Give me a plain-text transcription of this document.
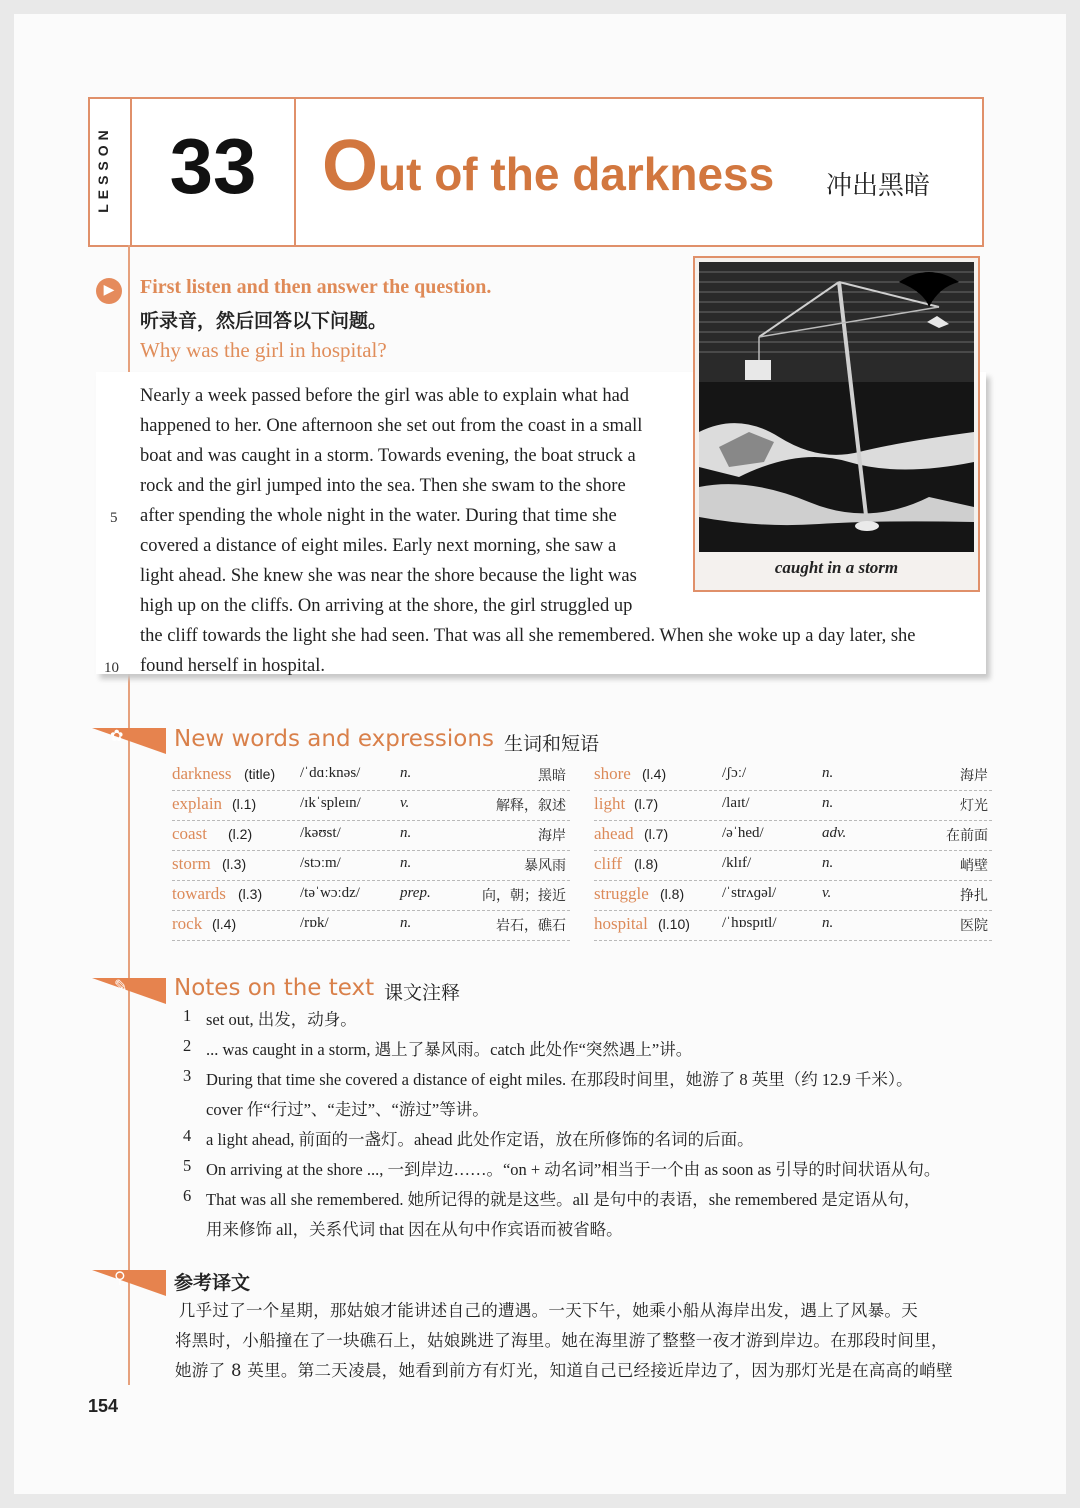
LESSON 33 Out of the darkness 冲出黑暗
▶	First listen and then answer the question.
听录音，然后回答以下问题。
Why was the girl in hospital?
Nearly a week passed before the girl was able to explain what had
happened to her. One afternoon she set out from the coast in a small
boat and was caught in a storm. Towards evening, the boat struck a
rock and the girl jumped into the sea. Then she swam to the shore
5 after spending the whole night in the water. During that time she
covered a distance of eight miles. Early next morning, she saw a
light ahead. She knew she was near the shore because the light was
high up on the cliffs. On arriving at the shore, the girl struggled up
the cliff towards the light she had seen. That was all she remembered. When she woke up a day later, she
10 found herself in hospital.
caught in a storm
✿ New words and expressions 生词和短语
darkness (title) /ˈdɑːknəs/	n.	黑暗
explain (l.1)	/ɪkˈspleɪn/	v.	解释，叙述
coast (l.2)	/kəʊst/	n.	海岸
storm (l.3)	/stɔːm/	n.	暴风雨
towards (l.3)	/təˈwɔːdz/	prep.	向，朝；接近
rock (l.4)	/rɒk/	n.	岩石，礁石
shore (l.4)	/ʃɔː/	n.	海岸
light (l.7)	/laɪt/	n.	灯光
ahead (l.7)	/əˈhed/	adv.	在前面
cliff (l.8)	/klɪf/	n.	峭壁
struggle (l.8)	/ˈstrʌɡəl/	v.	挣扎
hospital (l.10) /ˈhɒspɪtl/	n.	医院
✎ Notes on the text 课文注释
1 set out, 出发，动身。
2 ... was caught in a storm, 遇上了暴风雨。catch 此处作“突然遇上”讲。
3 During that time she covered a distance of eight miles. 在那段时间里，她游了 8 英里（约 12.9 千米）。
cover 作“行过”、“走过”、“游过”等讲。
4 a light ahead, 前面的一盏灯。ahead 此处作定语，放在所修饰的名词的后面。
5 On arriving at the shore ..., 一到岸边……。“on + 动名词”相当于一个由 as soon as 引导的时间状语从句。
6 That was all she remembered. 她所记得的就是这些。all 是句中的表语，she remembered 是定语从句，
用来修饰 all，关系代词 that 因在从句中作宾语而被省略。
⚲	参考译文
　几乎过了一个星期，那姑娘才能讲述自己的遭遇。一天下午，她乘小船从海岸出发，遇上了风暴。天
将黑时，小船撞在了一块礁石上，姑娘跳进了海里。她在海里游了整整一夜才游到岸边。在那段时间里，
她游了 8 英里。第二天凌晨，她看到前方有灯光，知道自己已经接近岸边了，因为那灯光是在高高的峭壁
154
